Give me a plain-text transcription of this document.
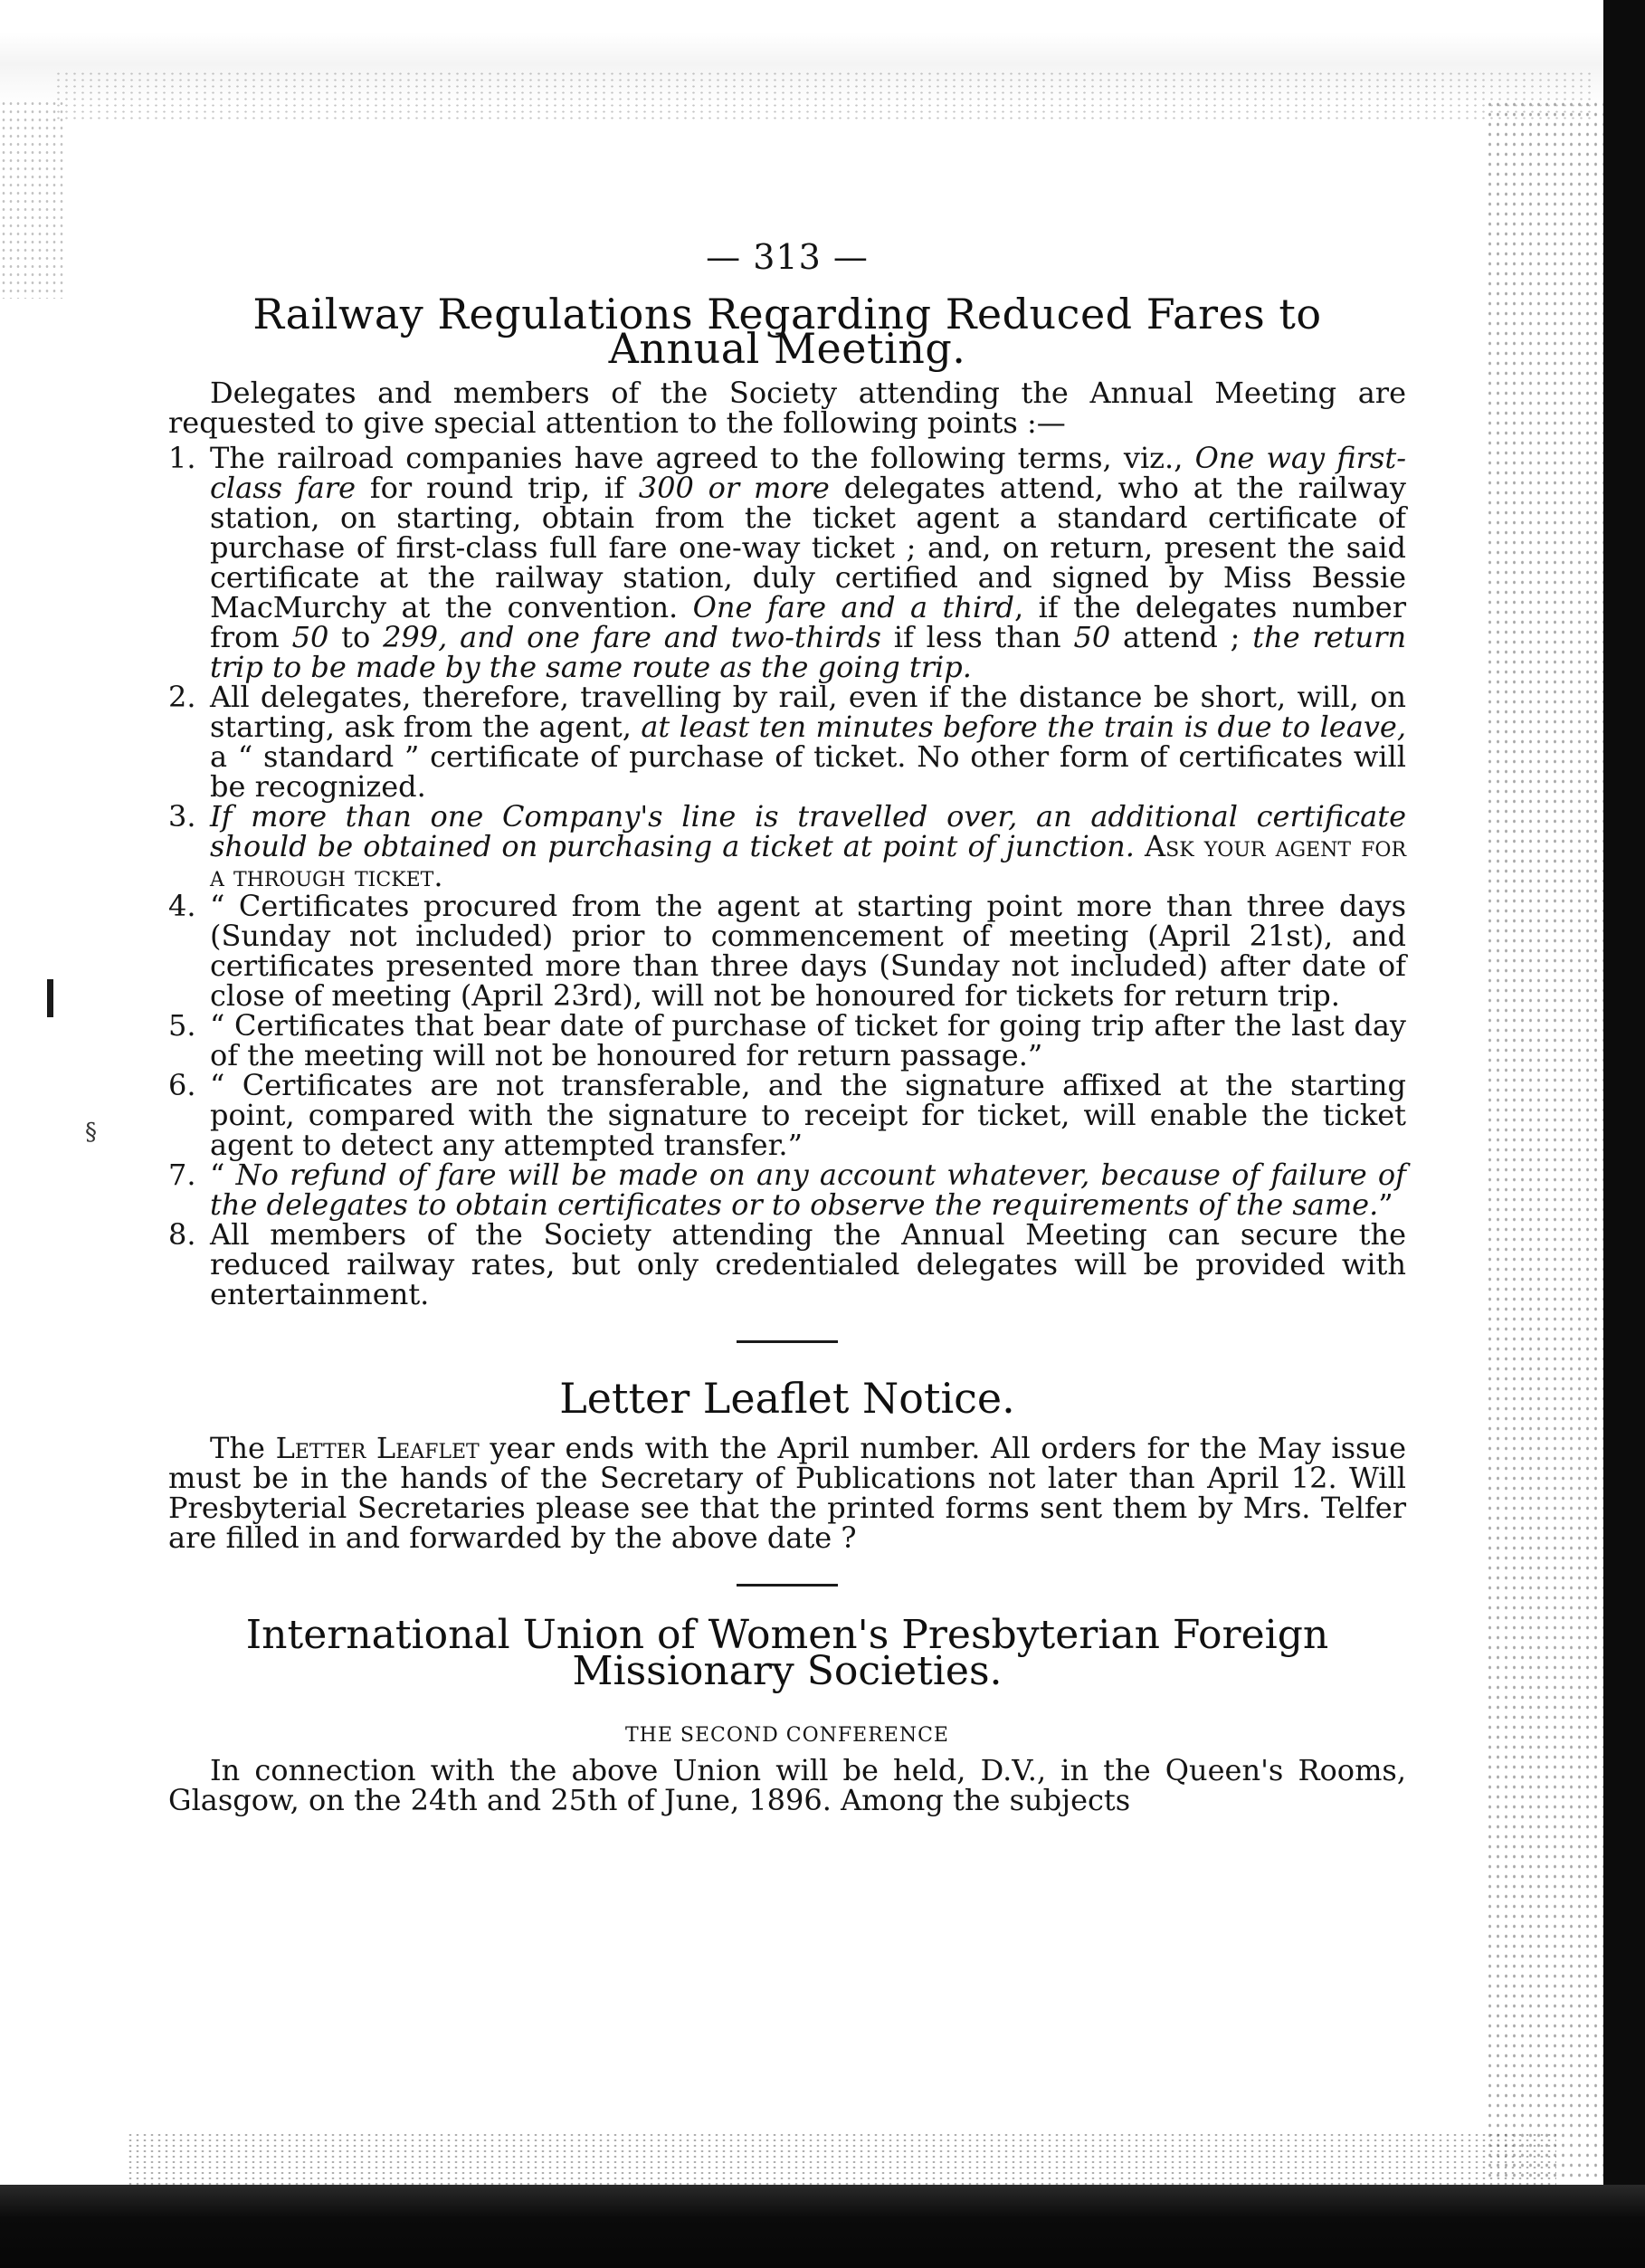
§
— 313 —
Railway Regulations Regarding Reduced Fares to
Annual Meeting.

Delegates and members of the Society attending the Annual Meeting are requested to give special attention to the following points :—

1. The railroad companies have agreed to the following terms, viz., One way first-class fare for round trip, if 300 or more delegates attend, who at the railway station, on starting, obtain from the ticket agent a standard certificate of purchase of first-class full fare one-way ticket ; and, on return, present the said certificate at the railway station, duly certified and signed by Miss Bessie MacMurchy at the convention. One fare and a third, if the delegates number from 50 to 299, and one fare and two-thirds if less than 50 attend ; the return trip to be made by the same route as the going trip.
2. All delegates, therefore, travelling by rail, even if the distance be short, will, on starting, ask from the agent, at least ten minutes before the train is due to leave, a “ standard ” certificate of purchase of ticket. No other form of certificates will be recognized.
3. If more than one Company's line is travelled over, an additional certificate should be obtained on purchasing a ticket at point of junction. Ask your agent for a through ticket.
4. “ Certificates procured from the agent at starting point more than three days (Sunday not included) prior to commencement of meeting (April 21st), and certificates presented more than three days (Sunday not included) after date of close of meeting (April 23rd), will not be honoured for tickets for return trip.
5. “ Certificates that bear date of purchase of ticket for going trip after the last day of the meeting will not be honoured for return passage.”
6. “ Certificates are not transferable, and the signature affixed at the starting point, compared with the signature to receipt for ticket, will enable the ticket agent to detect any attempted transfer.”
7. “ No refund of fare will be made on any account whatever, because of failure of the delegates to obtain certificates or to observe the requirements of the same.”
8. All members of the Society attending the Annual Meeting can secure the reduced railway rates, but only credentialed delegates will be provided with entertainment.
Letter Leaflet Notice.

The Letter Leaflet year ends with the April number. All orders for the May issue must be in the hands of the Secretary of Publications not later than April 12. Will Presbyterial Secretaries please see that the printed forms sent them by Mrs. Telfer are filled in and forwarded by the above date ?

International Union of Women's Presbyterian Foreign
Missionary Societies.
THE SECOND CONFERENCE

In connection with the above Union will be held, D.V., in the Queen's Rooms, Glasgow, on the 24th and 25th of June, 1896. Among the subjects
